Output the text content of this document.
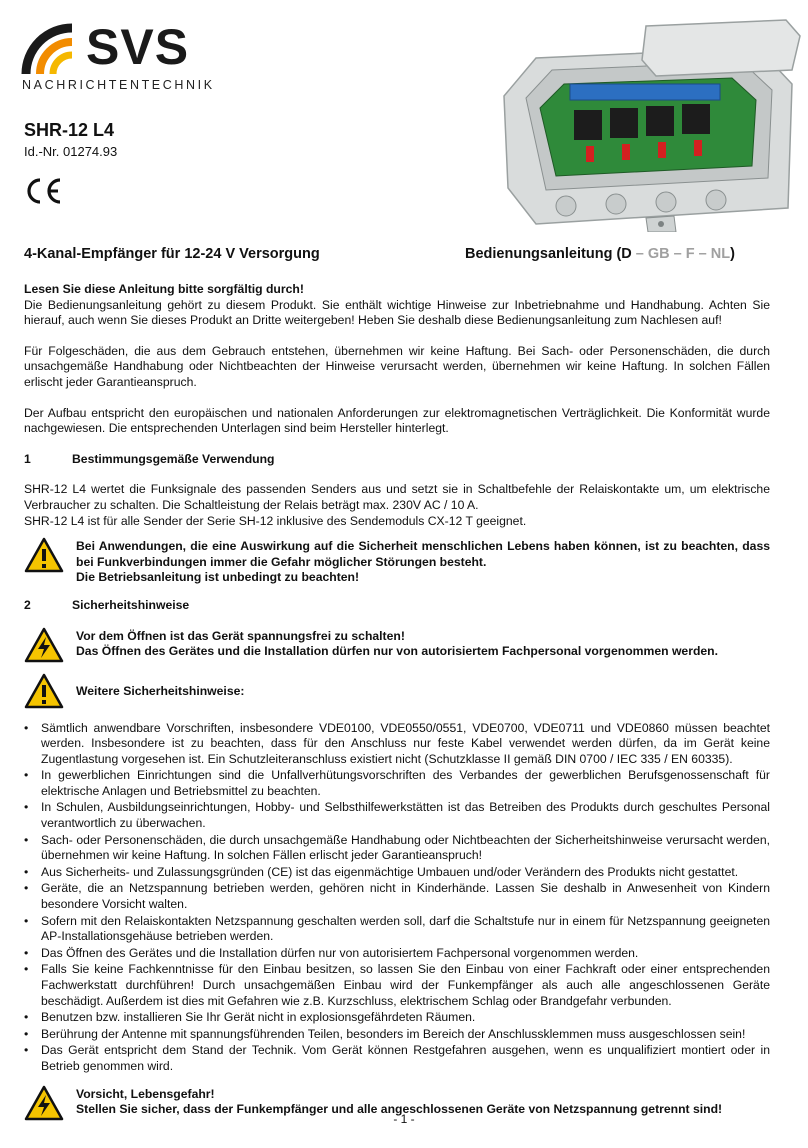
SVS
NACHRICHTENTECHNIK
SHR-12 L4
Id.-Nr. 01274.93
4-Kanal-Empfänger für 12-24 V Versorgung	Bedienungsanleitung (D – GB – F – NL)
Lesen Sie diese Anleitung bitte sorgfältig durch!

Die Bedienungsanleitung gehört zu diesem Produkt. Sie enthält wichtige Hinweise zur Inbetriebnahme und Handhabung. Achten Sie hierauf, auch wenn Sie dieses Produkt an Dritte weitergeben! Heben Sie deshalb diese Bedienungsanleitung zum Nachlesen auf!

Für Folgeschäden, die aus dem Gebrauch entstehen, übernehmen wir keine Haftung. Bei Sach- oder Personenschäden, die durch unsachgemäße Handhabung oder Nichtbeachten der Hinweise verursacht werden, übernehmen wir keine Haftung. In solchen Fällen erlischt jeder Garantieanspruch.

Der Aufbau entspricht den europäischen und nationalen Anforderungen zur elektromagnetischen Verträglichkeit. Die Konformität wurde nachgewiesen. Die entsprechenden Unterlagen sind beim Hersteller hinterlegt.

1	Bestimmungsgemäße Verwendung

SHR-12 L4 wertet die Funksignale des passenden Senders aus und setzt sie in Schaltbefehle der Relaiskontakte um, um elektrische Verbraucher zu schalten. Die Schaltleistung der Relais beträgt max. 230V AC / 10 A.

SHR-12 L4 ist für alle Sender der Serie SH-12 inklusive des Sendemoduls CX-12 T geeignet.

Bei Anwendungen, die eine Auswirkung auf die Sicherheit menschlichen Lebens haben können, ist zu beachten, dass bei Funkverbindungen immer die Gefahr möglicher Störungen besteht.
Die Betriebsanleitung ist unbedingt zu beachten!
2	Sicherheitshinweise
Vor dem Öffnen ist das Gerät spannungsfrei zu schalten!
Das Öffnen des Gerätes und die Installation dürfen nur von autorisiertem Fachpersonal vorgenommen werden.
Weitere Sicherheitshinweise:
• Sämtlich anwendbare Vorschriften, insbesondere VDE0100, VDE0550/0551, VDE0700, VDE0711 und VDE0860 müssen beachtet werden. Insbesondere ist zu beachten, dass für den Anschluss nur feste Kabel verwendet werden dürfen, da im Gerät keine Zugentlastung vorgesehen ist. Ein Schutzleiteranschluss existiert nicht (Schutzklasse II gemäß DIN 0700 / IEC 335 / EN 60335).
• In gewerblichen Einrichtungen sind die Unfallverhütungsvorschriften des Verbandes der gewerblichen Berufsgenossenschaft für elektrische Anlagen und Betriebsmittel zu beachten.
• In Schulen, Ausbildungseinrichtungen, Hobby- und Selbsthilfewerkstätten ist das Betreiben des Produkts durch geschultes Personal verantwortlich zu überwachen.
• Sach- oder Personenschäden, die durch unsachgemäße Handhabung oder Nichtbeachten der Sicherheitshinweise verursacht werden, übernehmen wir keine Haftung. In solchen Fällen erlischt jeder Garantieanspruch!
• Aus Sicherheits- und Zulassungsgründen (CE) ist das eigenmächtige Umbauen und/oder Verändern des Produkts nicht gestattet.
• Geräte, die an Netzspannung betrieben werden, gehören nicht in Kinderhände. Lassen Sie deshalb in Anwesenheit von Kindern besondere Vorsicht walten.
• Sofern mit den Relaiskontakten Netzspannung geschalten werden soll, darf die Schaltstufe nur in einem für Netzspannung geeigneten AP-Installationsgehäuse betrieben werden.
• Das Öffnen des Gerätes und die Installation dürfen nur von autorisiertem Fachpersonal vorgenommen werden.
• Falls Sie keine Fachkenntnisse für den Einbau besitzen, so lassen Sie den Einbau von einer Fachkraft oder einer entsprechenden Fachwerkstatt durchführen! Durch unsachgemäßen Einbau wird der Funkempfänger als auch alle angeschlossenen Geräte beschädigt. Außerdem ist dies mit Gefahren wie z.B. Kurzschluss, elektrischem Schlag oder Brandgefahr verbunden.
• Benutzen bzw. installieren Sie Ihr Gerät nicht in explosionsgefährdeten Räumen.
• Berührung der Antenne mit spannungsführenden Teilen, besonders im Bereich der Anschlussklemmen muss ausgeschlossen sein!
• Das Gerät entspricht dem Stand der Technik. Vom Gerät können Restgefahren ausgehen, wenn es unqualifiziert montiert oder in Betrieb genommen wird.
Vorsicht, Lebensgefahr!
Stellen Sie sicher, dass der Funkempfänger und alle angeschlossenen Geräte von Netzspannung getrennt sind!
- 1 -
